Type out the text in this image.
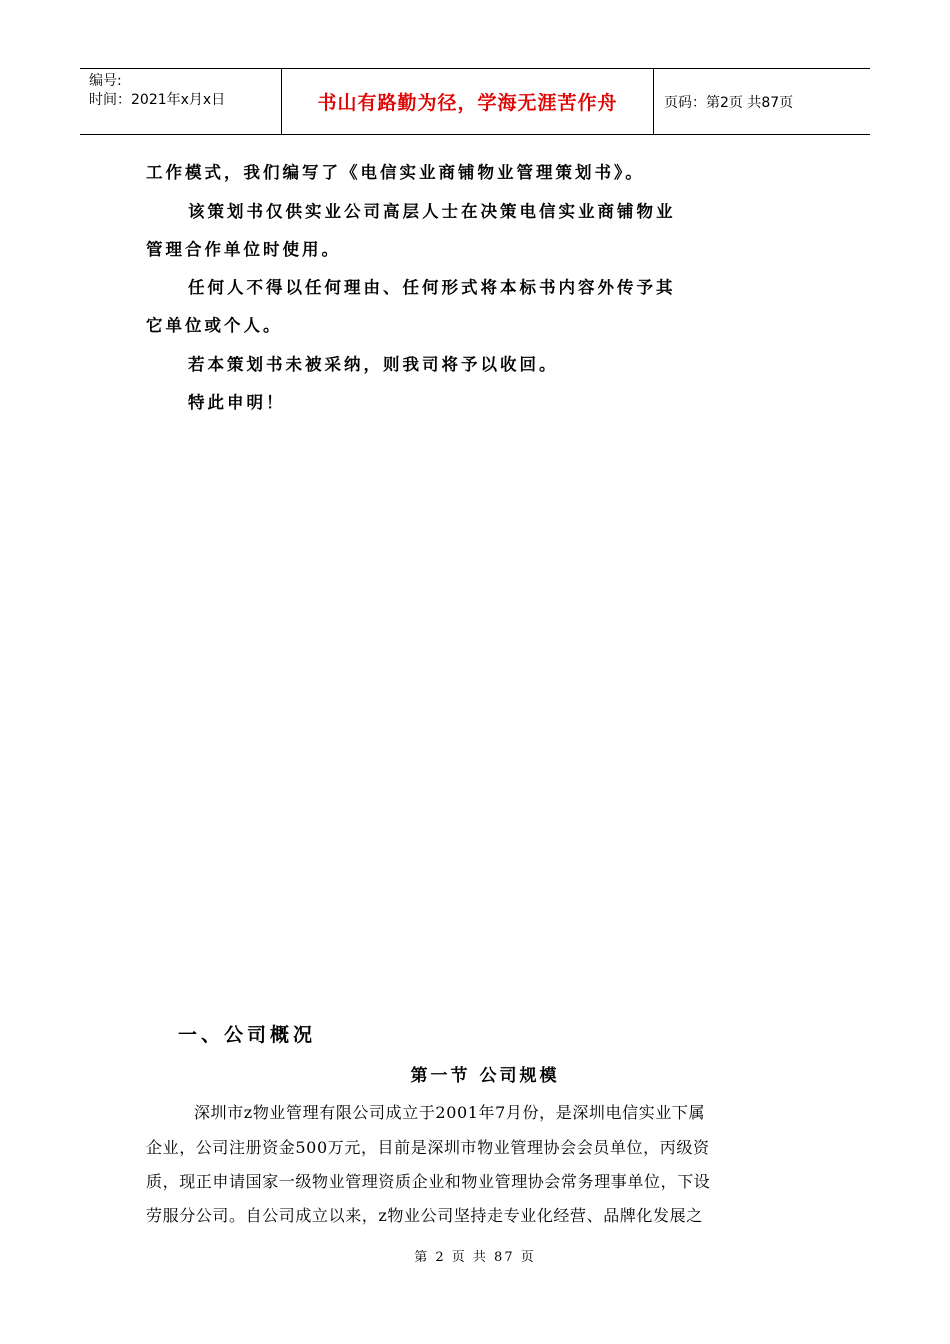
编号:
时间：2021年x月x日	书山有路勤为径，学海无涯苦作舟	页码：第2页 共87页
工作模式，我们编写了《电信实业商铺物业管理策划书》。
该策划书仅供实业公司高层人士在决策电信实业商铺物业
管理合作单位时使用。
任何人不得以任何理由、任何形式将本标书内容外传予其
它单位或个人。
若本策划书未被采纳，则我司将予以收回。
特此申明！
一、公司概况
第一节 公司规模
深圳市z物业管理有限公司成立于2001年7月份，是深圳电信实业下属
企业，公司注册资金500万元，目前是深圳市物业管理协会会员单位，丙级资
质，现正申请国家一级物业管理资质企业和物业管理协会常务理事单位，下设
劳服分公司。自公司成立以来，z物业公司坚持走专业化经营、品牌化发展之
第 2 页 共 87 页
